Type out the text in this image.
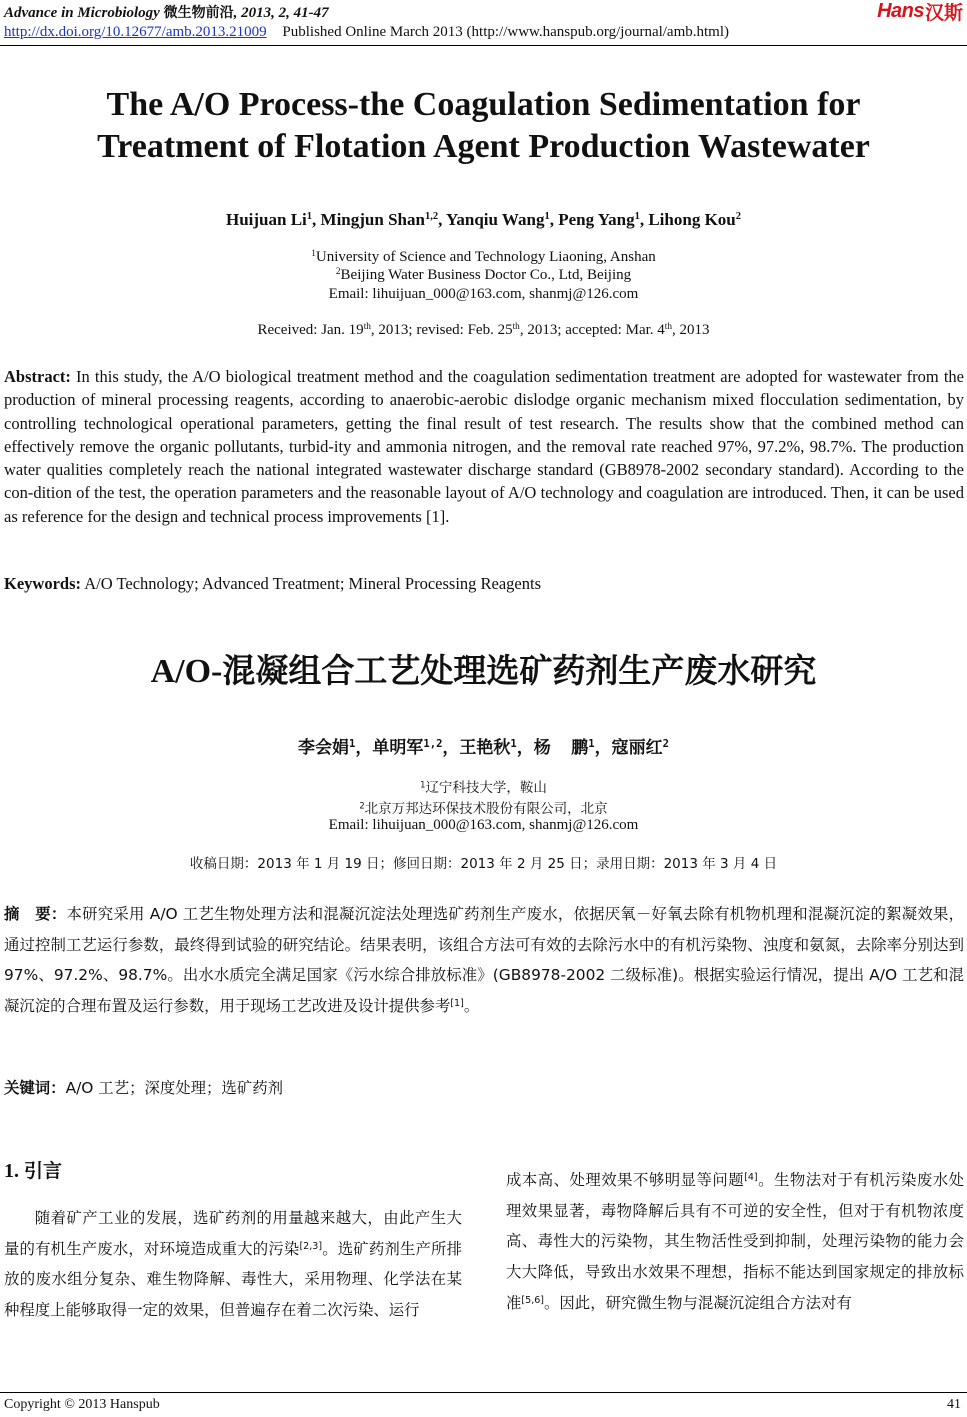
Advance in Microbiology 微生物前沿, 2013, 2, 41-47
http://dx.doi.org/10.12677/amb.2013.21009 Published Online March 2013 (http://www.hanspub.org/journal/amb.html)
Hans 汉斯
The A/O Process-the Coagulation Sedimentation for
Treatment of Flotation Agent Production Wastewater
Huijuan Li$^1$, Mingjun Shan$^{1,2}$, Yanqiu Wang$^1$, Peng Yang$^1$, Lihong Kou$^2$
$^1$University of Science and Technology Liaoning, Anshan
$^2$Beijing Water Business Doctor Co., Ltd, Beijing
Email: lihuijuan_000@163.com, shanmj@126.com
Received: Jan. 19th, 2013; revised: Feb. 25th, 2013; accepted: Mar. 4th, 2013
Abstract: In this study, the A/O biological treatment method and the coagulation sedimentation treatment are adopted for wastewater from the production of mineral processing reagents, according to anaerobic-aerobic dislodge organic mechanism mixed flocculation sedimentation, by controlling technological operational parameters, getting the final result of test research. The results show that the combined method can effectively remove the organic pollutants, turbid-ity and ammonia nitrogen, and the removal rate reached 97%, 97.2%, 98.7%. The production water qualities completely reach the national integrated wastewater discharge standard (GB8978-2002 secondary standard). According to the con-dition of the test, the operation parameters and the reasonable layout of A/O technology and coagulation are introduced. Then, it can be used as reference for the design and technical process improvements [1].
Keywords: A/O Technology; Advanced Treatment; Mineral Processing Reagents
A/O-混凝组合工艺处理选矿药剂生产废水研究
李会娟$^1$，单明军$^{1,2}$，王艳秋$^1$，杨  鹏$^1$，寇丽红$^2$
$^1$辽宁科技大学，鞍山
$^2$北京万邦达环保技术股份有限公司，北京
Email: lihuijuan_000@163.com, shanmj@126.com
收稿日期：2013 年 1 月 19 日；修回日期：2013 年 2 月 25 日；录用日期：2013 年 3 月 4 日
摘　要：本研究采用 A/O 工艺生物处理方法和混凝沉淀法处理选矿药剂生产废水，依据厌氧－好氧去除有机物机理和混凝沉淀的絮凝效果，通过控制工艺运行参数，最终得到试验的研究结论。结果表明，该组合方法可有效的去除污水中的有机污染物、浊度和氨氮，去除率分别达到 97%、97.2%、98.7%。出水水质完全满足国家《污水综合排放标准》(GB8978-2002 二级标准)。根据实验运行情况，提出 A/O 工艺和混凝沉淀的合理布置及运行参数，用于现场工艺改进及设计提供参考[1]。
关键词：A/O 工艺；深度处理；选矿药剂
1. 引言
随着矿产工业的发展，选矿药剂的用量越来越大，由此产生大量的有机生产废水，对环境造成重大的污染[2,3]。选矿药剂生产所排放的废水组分复杂、难生物降解、毒性大，采用物理、化学法在某种程度上能够取得一定的效果，但普遍存在着二次污染、运行
成本高、处理效果不够明显等问题[4]。生物法对于有机污染废水处理效果显著，毒物降解后具有不可逆的安全性，但对于有机物浓度高、毒性大的污染物，其生物活性受到抑制，处理污染物的能力会大大降低，导致出水效果不理想，指标不能达到国家规定的排放标准[5,6]。因此，研究微生物与混凝沉淀组合方法对有
Copyright © 2013 Hanspub	41
